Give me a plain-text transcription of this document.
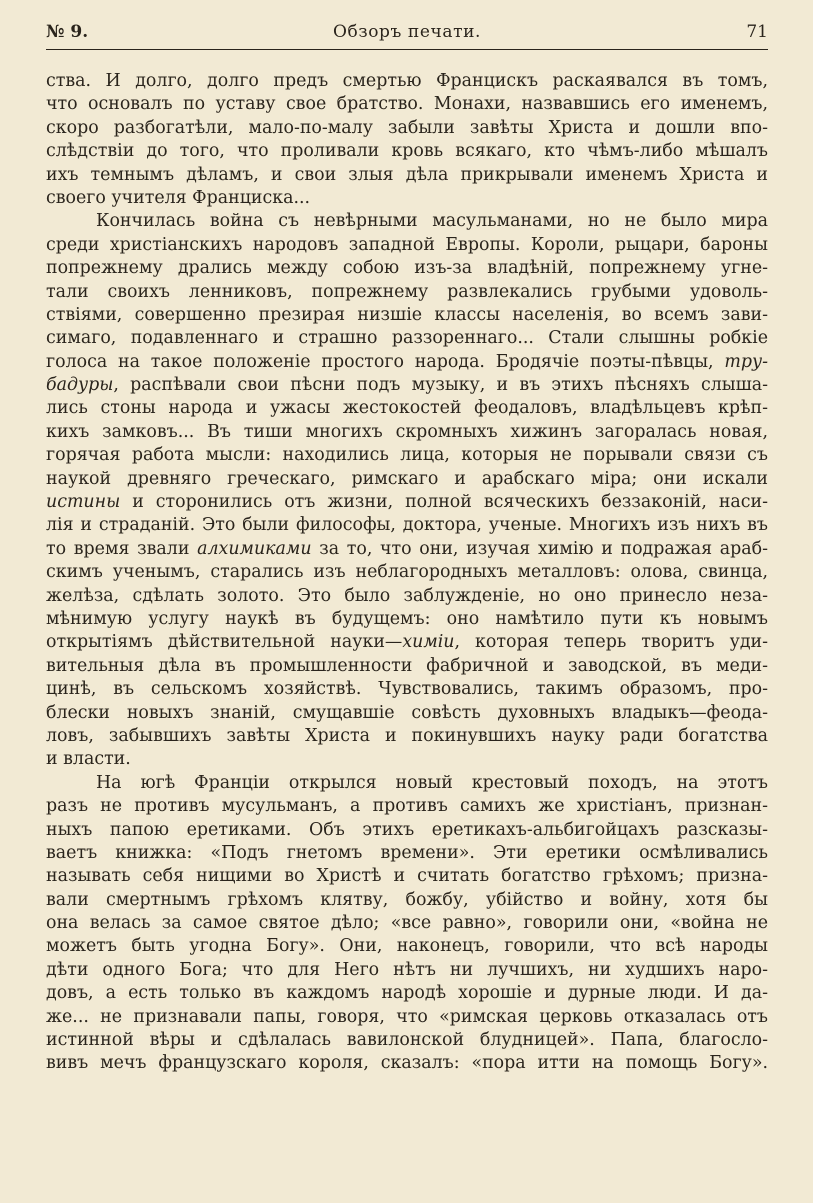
№ 9.	Обзоръ печати.	71
ства. И долго, долго предъ смертью Францискъ раскаявался въ томъ,
что основалъ по уставу свое братство. Монахи, назвавшись его именемъ,
скоро разбогатѣли, мало-по-малу забыли завѣты Христа и дошли впо-
слѣдствіи до того, что проливали кровь всякаго, кто чѣмъ-либо мѣшалъ
ихъ темнымъ дѣламъ, и свои злыя дѣла прикрывали именемъ Христа и
своего учителя Франциска...
Кончилась война съ невѣрными масульманами, но не было мира
среди христіанскихъ народовъ западной Европы. Короли, рыцари, бароны
попрежнему дрались между собою изъ-за владѣній, попрежнему угне-
тали своихъ ленниковъ, попрежнему развлекались грубыми удоволь-
ствіями, совершенно презирая низшіе классы населенія, во всемъ зави-
симаго, подавленнаго и страшно раззореннаго... Стали слышны робкіе
голоса на такое положеніе простого народа. Бродячіе поэты-пѣвцы, тру-
бадуры, распѣвали свои пѣсни подъ музыку, и въ этихъ пѣсняхъ слыша-
лись стоны народа и ужасы жестокостей феодаловъ, владѣльцевъ крѣп-
кихъ замковъ... Въ тиши многихъ скромныхъ хижинъ загоралась новая,
горячая работа мысли: находились лица, которыя не порывали связи съ
наукой древняго греческаго, римскаго и арабскаго міра; они искали
истины и сторонились отъ жизни, полной всяческихъ беззаконій, наси-
лія и страданій. Это были философы, доктора, ученые. Многихъ изъ нихъ въ
то время звали алхимиками за то, что они, изучая химію и подражая араб-
скимъ ученымъ, старались изъ неблагородныхъ металловъ: олова, свинца,
желѣза, сдѣлать золото. Это было заблужденіе, но оно принесло неза-
мѣнимую услугу наукѣ въ будущемъ: оно намѣтило пути къ новымъ
открытіямъ дѣйствительной науки—химіи, которая теперь творитъ уди-
вительныя дѣла въ промышленности фабричной и заводской, въ меди-
цинѣ, въ сельскомъ хозяйствѣ. Чувствовались, такимъ образомъ, про-
блески новыхъ знаній, смущавшіе совѣсть духовныхъ владыкъ—феода-
ловъ, забывшихъ завѣты Христа и покинувшихъ науку ради богатства
и власти.
На югѣ Франціи открылся новый крестовый походъ, на этотъ
разъ не противъ мусульманъ, а противъ самихъ же христіанъ, признан-
ныхъ папою еретиками. Объ этихъ еретикахъ-альбигойцахъ разсказы-
ваетъ книжка: «Подъ гнетомъ времени». Эти еретики осмѣливались
называть себя нищими во Христѣ и считать богатство грѣхомъ; призна-
вали смертнымъ грѣхомъ клятву, божбу, убійство и войну, хотя бы
она велась за самое святое дѣло; «все равно», говорили они, «война не
можетъ быть угодна Богу». Они, наконецъ, говорили, что всѣ народы
дѣти одного Бога; что для Него нѣтъ ни лучшихъ, ни худшихъ наро-
довъ, а есть только въ каждомъ народѣ хорошіе и дурные люди. И да-
же... не признавали папы, говоря, что «римская церковь отказалась отъ
истинной вѣры и сдѣлалась вавилонской блудницей». Папа, благосло-
вивъ мечъ французскаго короля, сказалъ: «пора итти на помощь Богу».
